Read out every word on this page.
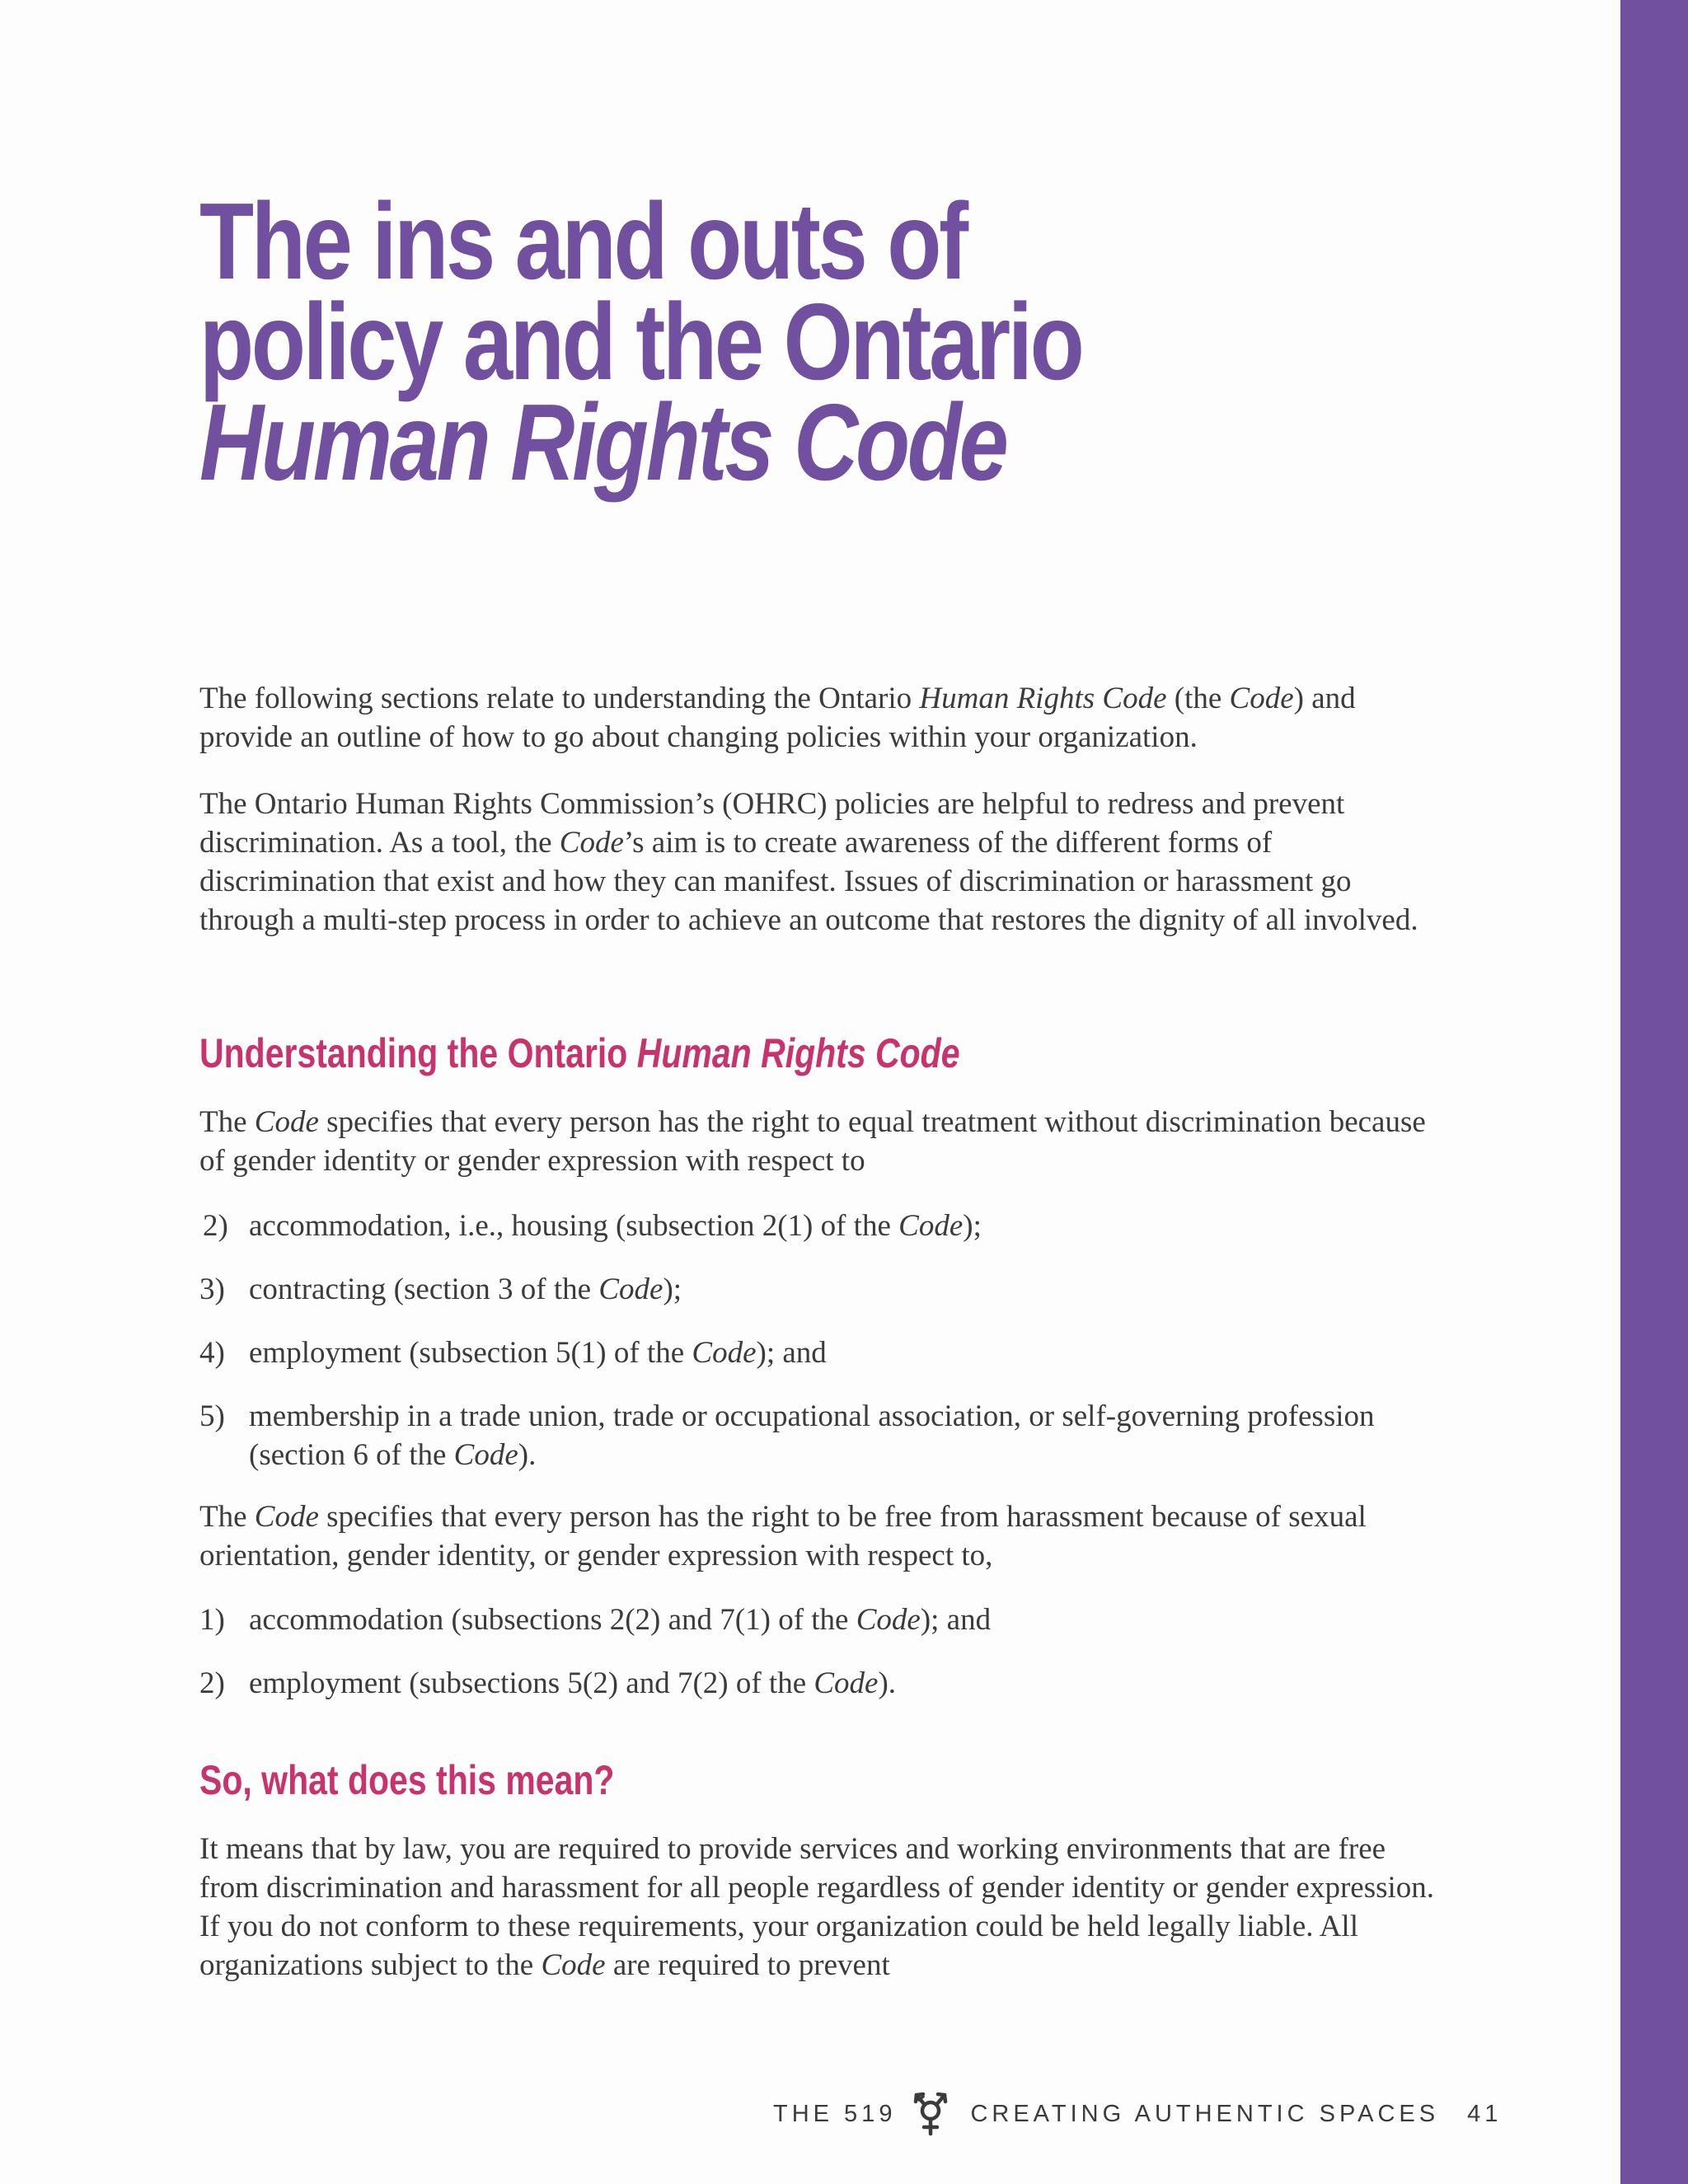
The ins and outs of
policy and the Ontario
Human Rights Code

The following sections relate to understanding the Ontario Human Rights Code (the Code) and provide an outline of how to go about changing policies within your organization.

The Ontario Human Rights Commission’s (OHRC) policies are helpful to redress and prevent discrimination. As a tool, the Code’s aim is to create awareness of the different forms of discrimination that exist and how they can manifest. Issues of discrimination or harassment go through a multi-step process in order to achieve an outcome that restores the dignity of all involved.

Understanding the Ontario Human Rights Code

The Code specifies that every person has the right to equal treatment without discrimination because of gender identity or gender expression with respect to

2) accommodation, i.e., housing (subsection 2(1) of the Code);
3) contracting (section 3 of the Code);
4) employment (subsection 5(1) of the Code); and
5) membership in a trade union, trade or occupational association, or self-governing profession (section 6 of the Code).

The Code specifies that every person has the right to be free from harassment because of sexual orientation, gender identity, or gender expression with respect to,

1) accommodation (subsections 2(2) and 7(1) of the Code); and
2) employment (subsections 5(2) and 7(2) of the Code).
So, what does this mean?

It means that by law, you are required to provide services and working environments that are free from discrimination and harassment for all people regardless of gender identity or gender expression. If you do not conform to these requirements, your organization could be held legally liable. All organizations subject to the Code are required to prevent

THE 519	CREATING AUTHENTIC SPACES 41
